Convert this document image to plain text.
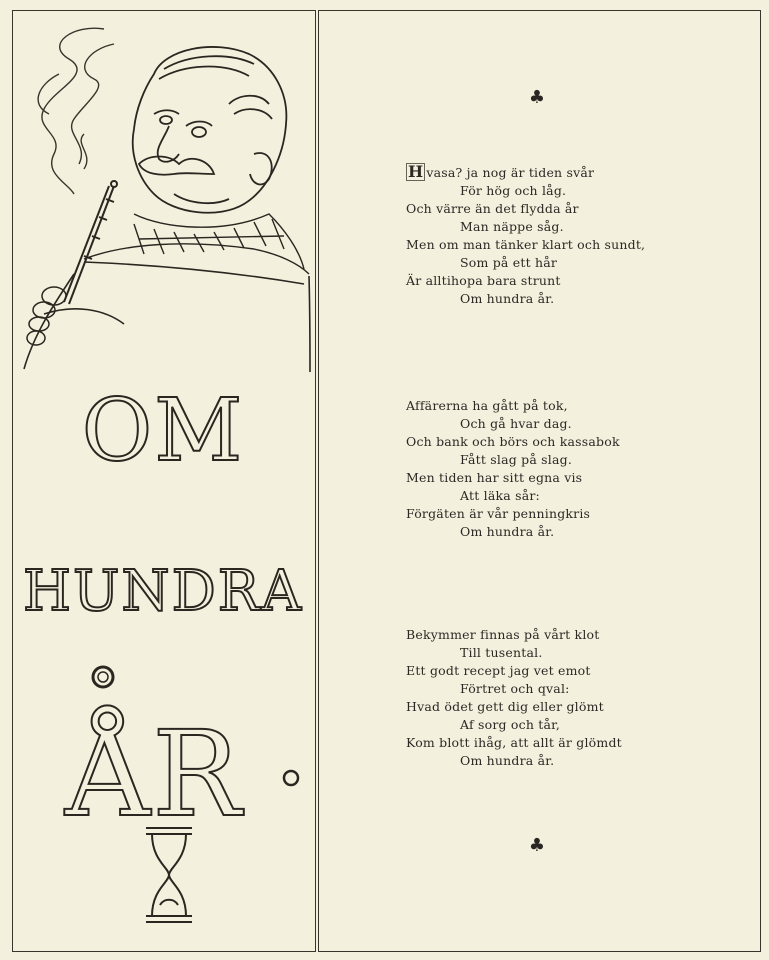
OM
HUNDRA
ÅR
♣
♣
H vasa? ja nog är tiden svår
För hög och låg.
Och värre än det flydda år
Man näppe såg.
Men om man tänker klart och sundt,
Som på ett hår
Är alltihopa bara strunt
Om hundra år.
Affärerna ha gått på tok,
Och gå hvar dag.
Och bank och börs och kassabok
Fått slag på slag.
Men tiden har sitt egna vis
Att läka sår:
Förgäten är vår penningkris
Om hundra år.
Bekymmer finnas på vårt klot
Till tusental.
Ett godt recept jag vet emot
Förtret och qval:
Hvad ödet gett dig eller glömt
Af sorg och tår,
Kom blott ihåg, att allt är glömdt
Om hundra år.
